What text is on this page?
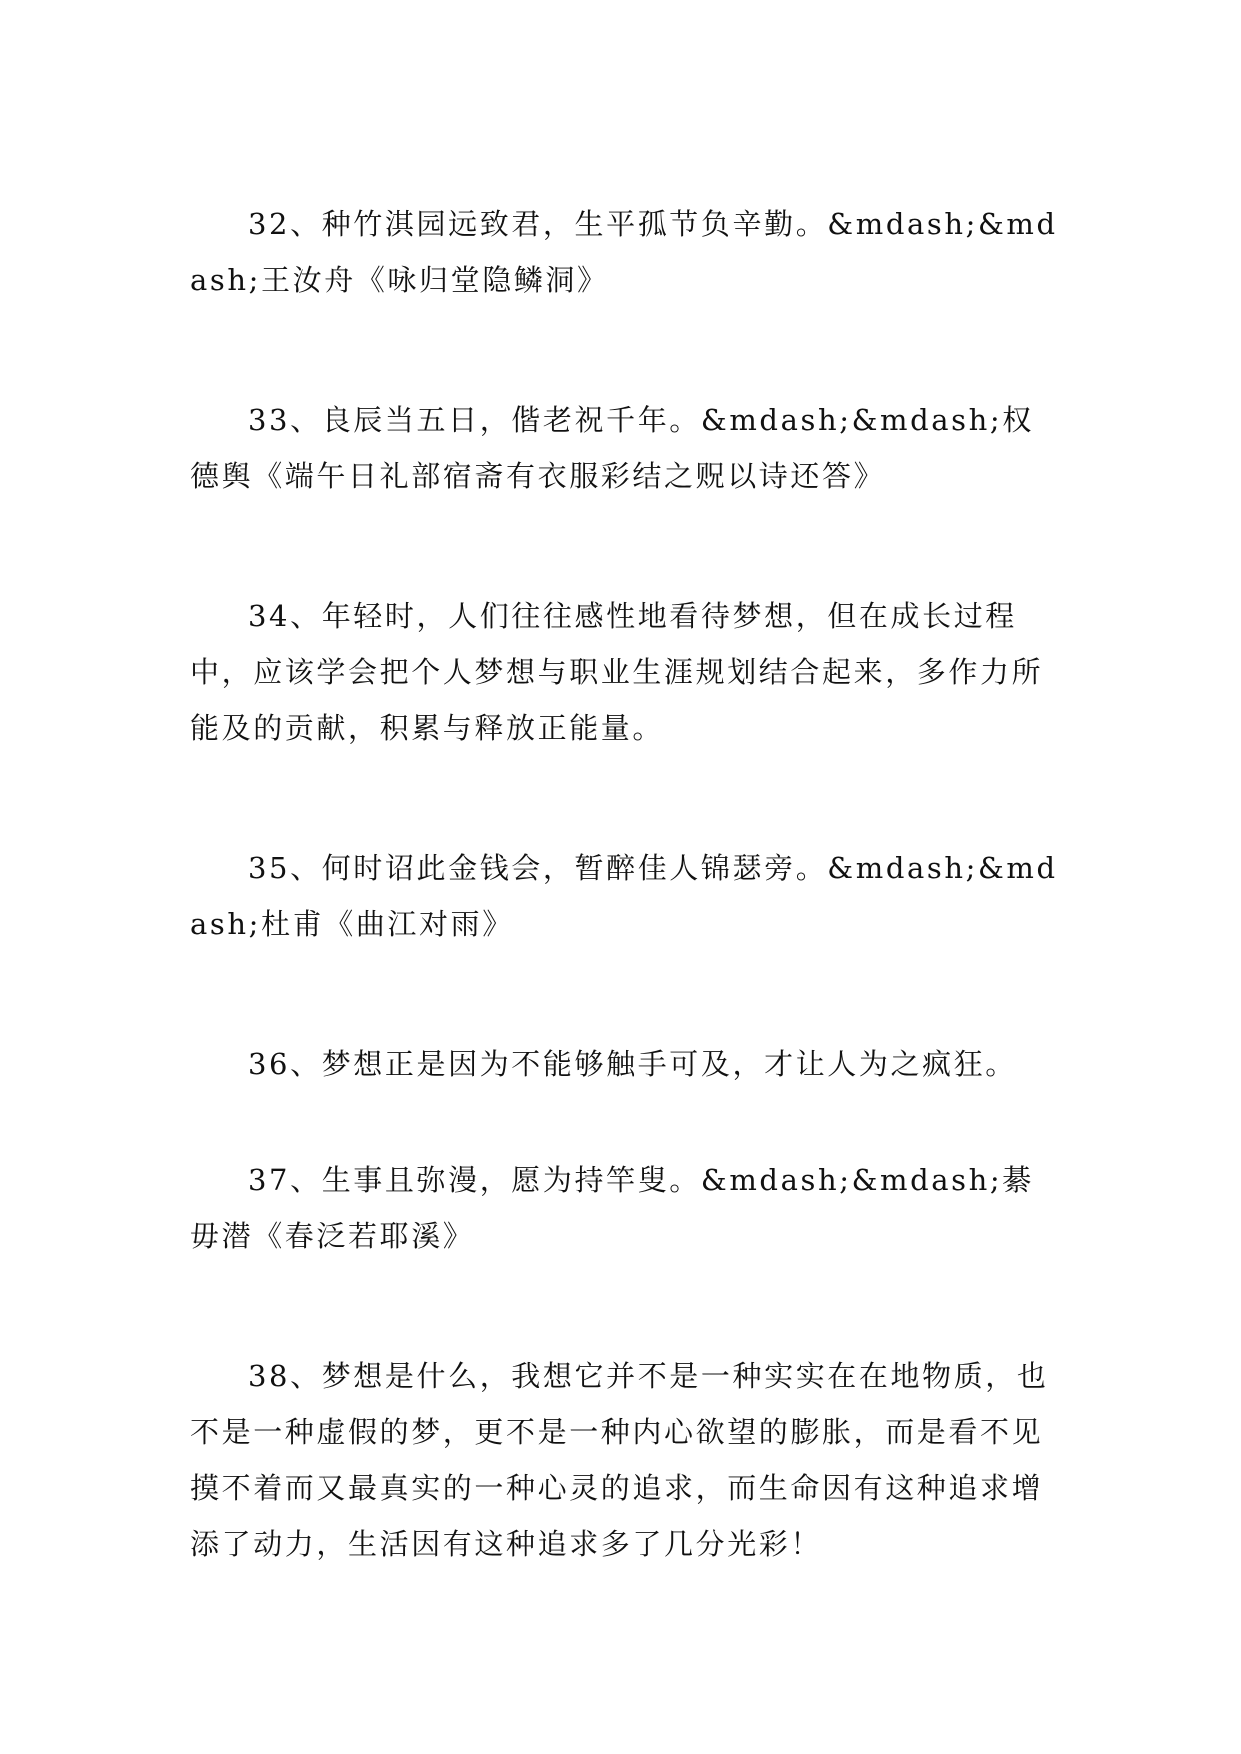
32、种竹淇园远致君，生平孤节负辛勤。&mdash;&mdash;王汝舟《咏归堂隐鳞洞》

33、良辰当五日，偕老祝千年。&mdash;&mdash;权德舆《端午日礼部宿斋有衣服彩结之贶以诗还答》

34、年轻时，人们往往感性地看待梦想，但在成长过程中，应该学会把个人梦想与职业生涯规划结合起来，多作力所能及的贡献，积累与释放正能量。

35、何时诏此金钱会，暂醉佳人锦瑟旁。&mdash;&mdash;杜甫《曲江对雨》

36、梦想正是因为不能够触手可及，才让人为之疯狂。

37、生事且弥漫，愿为持竿叟。&mdash;&mdash;綦毋潜《春泛若耶溪》

38、梦想是什么，我想它并不是一种实实在在地物质，也不是一种虚假的梦，更不是一种内心欲望的膨胀，而是看不见摸不着而又最真实的一种心灵的追求，而生命因有这种追求增添了动力，生活因有这种追求多了几分光彩！
